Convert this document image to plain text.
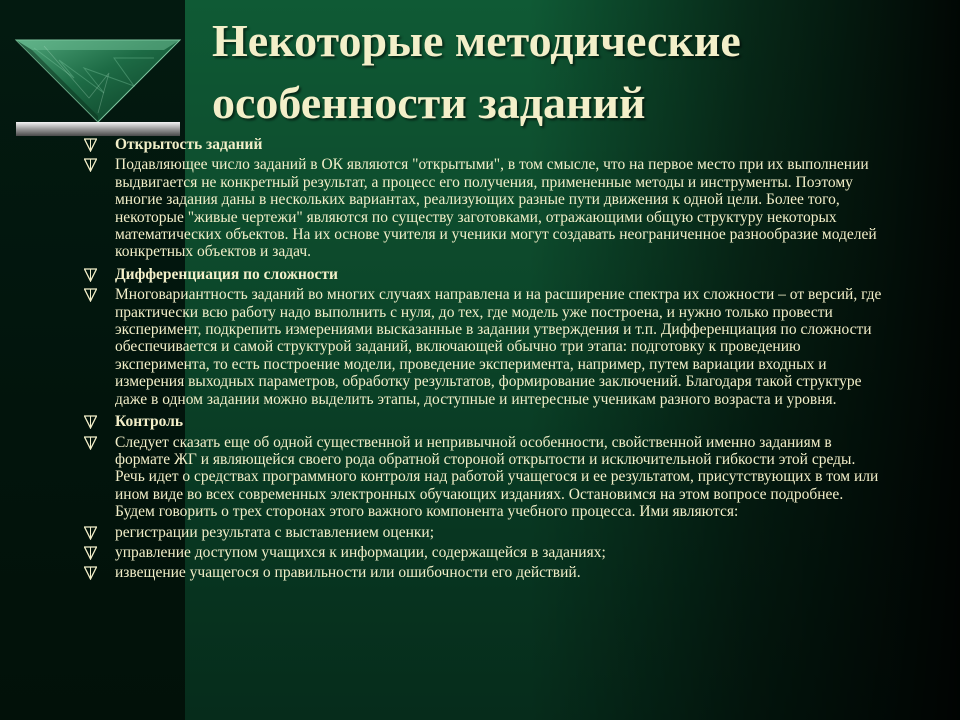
Некоторые методические особенности заданий
Открытость заданий
Подавляющее число заданий в ОК являются "открытыми", в том смысле, что на первое место при их выполнении выдвигается не конкретный результат, а процесс его получения, примененные методы и инструменты. Поэтому многие задания даны в нескольких вариантах, реализующих разные пути движения к одной цели. Более того, некоторые "живые чертежи" являются по существу заготовками, отражающими общую структуру некоторых математических объектов. На их основе учителя и ученики могут создавать неограниченное разнообразие моделей конкретных объектов и задач.
Дифференциация по сложности
Многовариантность заданий во многих случаях направлена и на расширение спектра их сложности – от версий, где практически всю работу надо выполнить с нуля, до тех, где модель уже построена, и нужно только провести эксперимент, подкрепить измерениями высказанные в задании утверждения и т.п. Дифференциация по сложности обеспечивается и самой структурой заданий, включающей обычно три этапа: подготовку к проведению эксперимента, то есть построение модели, проведение эксперимента, например, путем вариации входных и измерения выходных параметров, обработку результатов, формирование заключений. Благодаря такой структуре даже в одном задании можно выделить этапы, доступные и интересные ученикам разного возраста и уровня.
Контроль
Следует сказать еще об одной существенной и непривычной особенности, свойственной именно заданиям в формате ЖГ и являющейся своего рода обратной стороной открытости и исключительной гибкости этой среды. Речь идет о средствах программного контроля над работой учащегося и ее результатом, присутствующих в том или ином виде во всех современных электронных обучающих изданиях. Остановимся на этом вопросе подробнее. Будем говорить о трех сторонах этого важного компонента учебного процесса. Ими являются:
регистрации результата с выставлением оценки;
управление доступом учащихся к информации, содержащейся в заданиях;
извещение учащегося о правильности или ошибочности его действий.
